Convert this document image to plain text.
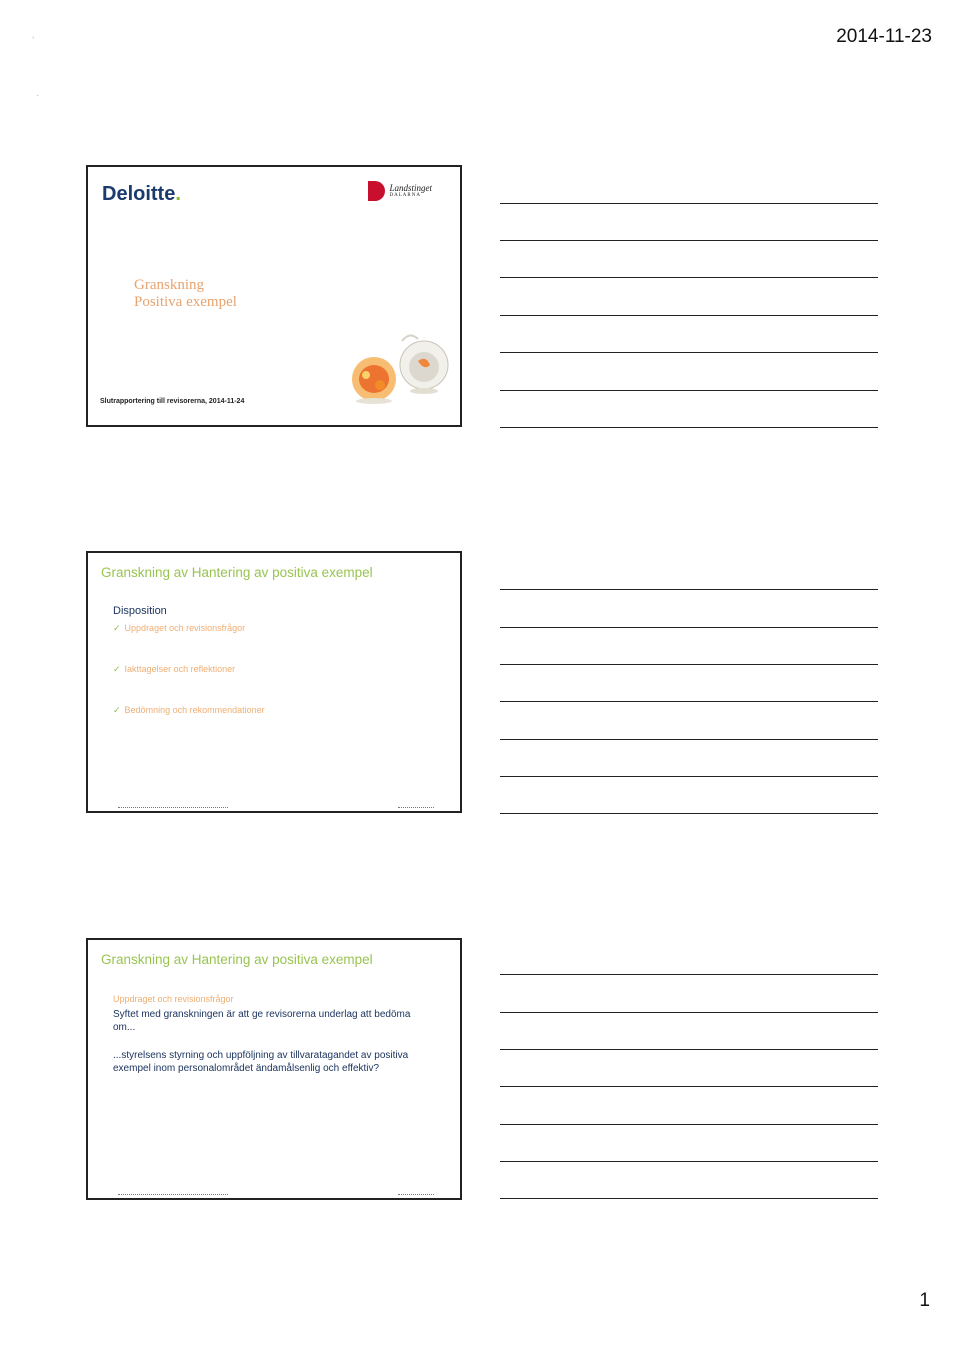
2014-11-23
ʼ
·
Deloitte.	Landstinget
DALARNA
Granskning
Positiva exempel
Slutrapportering till revisorerna, 2014-11-24
Granskning av Hantering av positiva exempel
Disposition
✓ Uppdraget och revisionsfrågor
✓ Iakttagelser och reflektioner
✓ Bedömning och rekommendationer
Granskning av Hantering av positiva exempel
Uppdraget och revisionsfrågor
Syftet med granskningen är att ge revisorerna underlag att bedöma om...
...styrelsens styrning och uppföljning av tillvaratagandet av positiva exempel inom personalområdet ändamålsenlig och effektiv?
1
